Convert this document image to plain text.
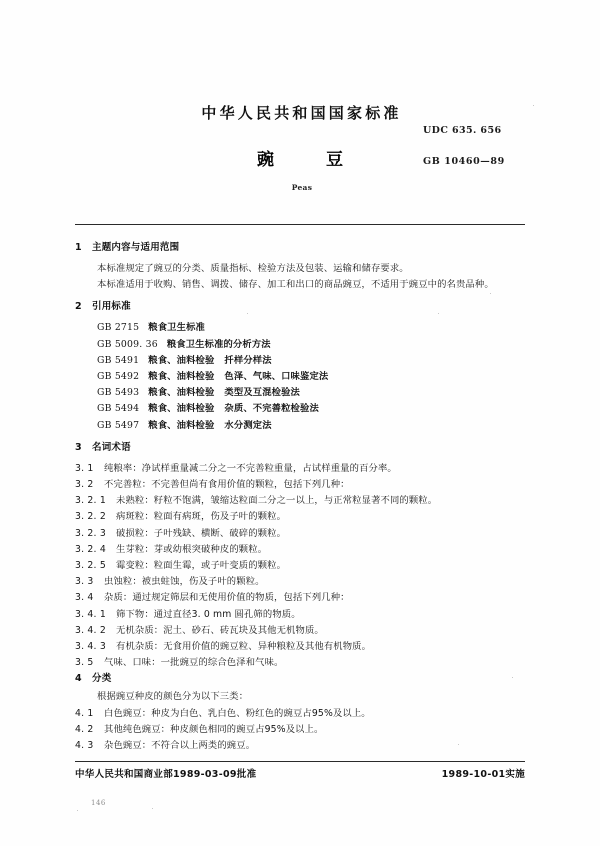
中华人民共和国国家标准
UDC 635. 656
豌豆	GB 10460—89
Peas
1 主题内容与适用范围
本标准规定了豌豆的分类、质量指标、检验方法及包装、运输和储存要求。
本标准适用于收购、销售、调拨、储存、加工和出口的商品豌豆，不适用于豌豆中的名贵品种。
2 引用标准
GB 2715 粮食卫生标准
GB 5009. 36 粮食卫生标准的分析方法
GB 5491 粮食、油料检验 扦样分样法
GB 5492 粮食、油料检验 色泽、气味、口味鉴定法
GB 5493 粮食、油料检验 类型及互混检验法
GB 5494 粮食、油料检验 杂质、不完善粒检验法
GB 5497 粮食、油料检验 水分测定法
3 名词术语
3. 1 纯粮率：净试样重量减二分之一不完善粒重量，占试样重量的百分率。
3. 2 不完善粒：不完善但尚有食用价值的颗粒，包括下列几种：
3. 2. 1 未熟粒：籽粒不饱满，皱缩达粒面二分之一以上，与正常粒显著不同的颗粒。
3. 2. 2 病斑粒：粒面有病斑，伤及子叶的颗粒。
3. 2. 3 破损粒：子叶残缺、横断、破碎的颗粒。
3. 2. 4 生芽粒：芽或幼根突破种皮的颗粒。
3. 2. 5 霉变粒：粒面生霉，或子叶变质的颗粒。
3. 3 虫蚀粒：被虫蛀蚀，伤及子叶的颗粒。
3. 4 杂质：通过规定筛层和无使用价值的物质，包括下列几种：
3. 4. 1 筛下物：通过直径3. 0 mm 圆孔筛的物质。
3. 4. 2 无机杂质：泥土、砂石、砖瓦块及其他无机物质。
3. 4. 3 有机杂质：无食用价值的豌豆粒、异种粮粒及其他有机物质。
3. 5 气味、口味：一批豌豆的综合色泽和气味。
4 分类
根据豌豆种皮的颜色分为以下三类：
4. 1 白色豌豆：种皮为白色、乳白色、粉红色的豌豆占95%及以上。
4. 2 其他纯色豌豆：种皮颜色相同的豌豆占95%及以上。
4. 3 杂色豌豆：不符合以上两类的豌豆。
中华人民共和国商业部1989-03-09批准	1989-10-01实施
146
